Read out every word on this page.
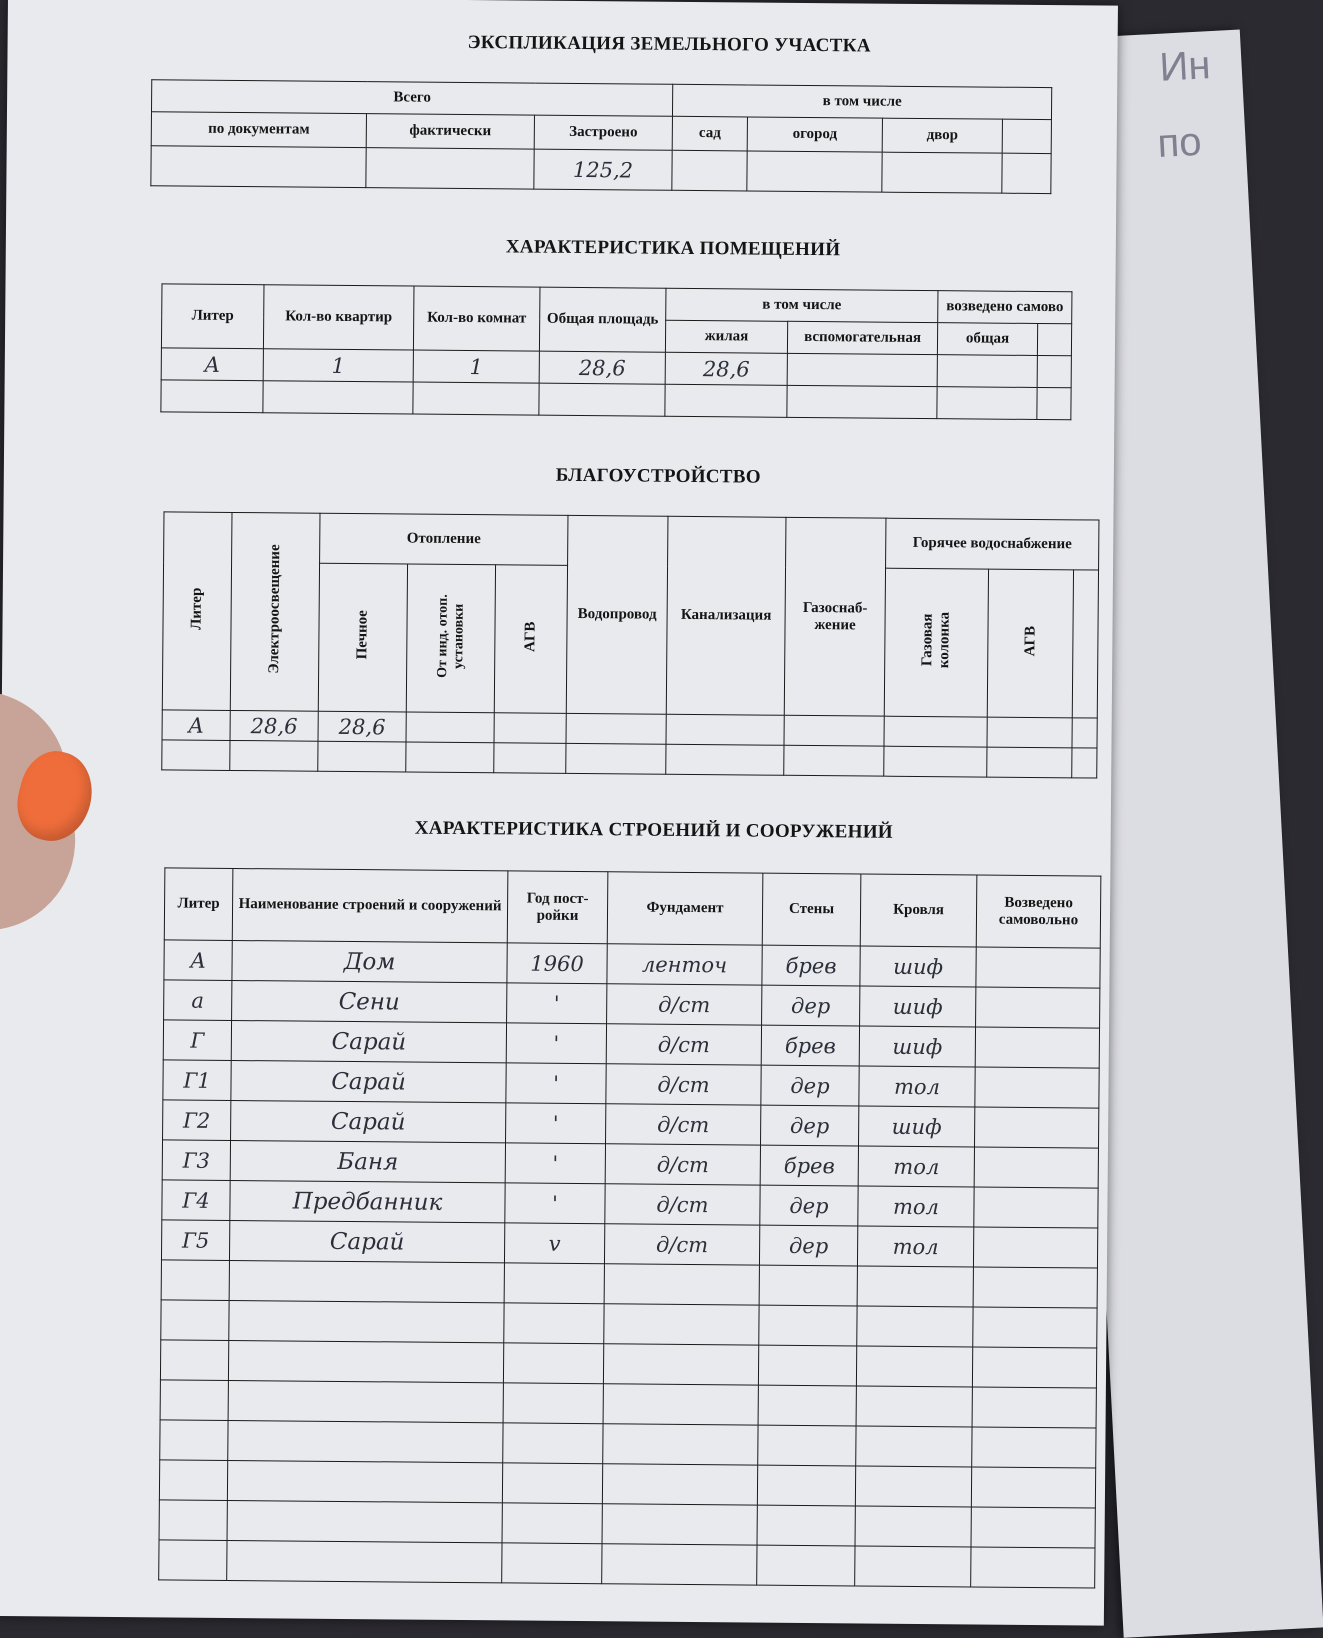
Ин
по
ЭКСПЛИКАЦИЯ ЗЕМЕЛЬНОГО УЧАСТКА
Всего			в том числе			
по документам	фактически	Застроено	сад	огород	двор	
		125,2				
ХАРАКТЕРИСТИКА ПОМЕЩЕНИЙ
Литер	Кол-во квартир	Кол-во комнат	Общая площадь	в том числе		возведено самово	
				жилая	вспомогательная	общая	
А	1	1	28,6	28,6			

БЛАГОУСТРОЙСТВО
Литер	Электроосвещение	Отопление			Водопровод	Канализация	Газоснаб-жение	Горячее водоснабжение		
		Печное	От инд. отоп. установки	АГВ				Газовая колонка	АГВ	
А	28,6	28,6								

ХАРАКТЕРИСТИКА СТРОЕНИЙ И СООРУЖЕНИЙ
Литер	Наименование строений и сооружений	Год пост-ройки	Фундамент	Стены	Кровля	Возведено самовольно
А	Дом	1960	ленточ	брев	шиф	
а	Сени	'	д/ст	дер	шиф	
Г	Сарай	'	д/ст	брев	шиф	
Г1	Сарай	'	д/ст	дер	тол	
Г2	Сарай	'	д/ст	дер	шиф	
Г3	Баня	'	д/ст	брев	тол	
Г4	Предбанник	'	д/ст	дер	тол	
Г5	Сарай	v	д/ст	дер	тол	
